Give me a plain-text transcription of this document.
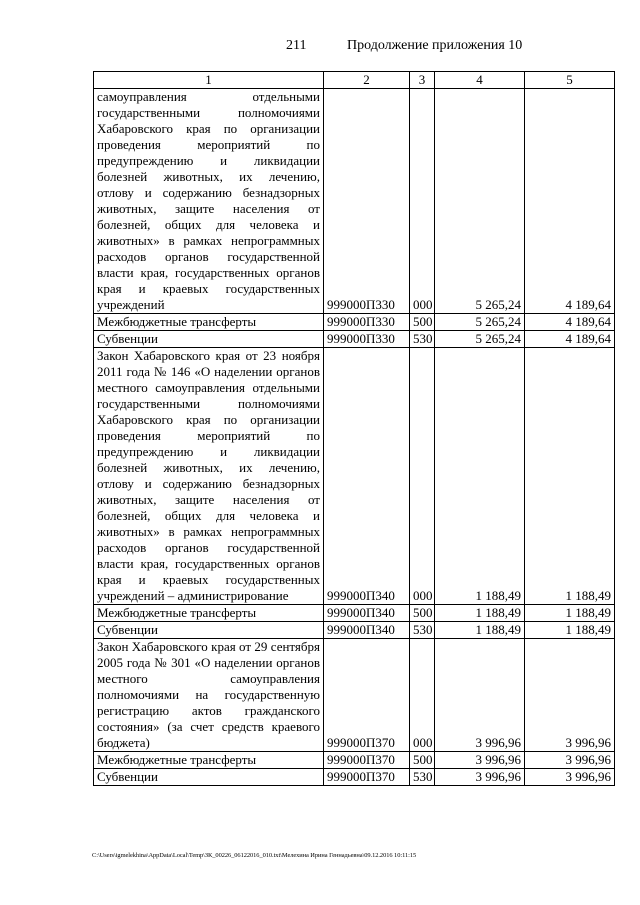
211	Продолжение приложения 10
1	2	3	4	5
самоуправления отдельными государственными полномочиями Хабаровского края по организации проведения мероприятий по предупреждению и ликвидации болезней животных, их лечению, отлову и содержанию безнадзорных животных, защите населения от болезней, общих для человека и животных» в рамках непрограммных расходов органов государственной власти края, государственных органов края и краевых государственных учреждений	999000П330	000	5 265,24	4 189,64
Межбюджетные трансферты	999000П330	500	5 265,24	4 189,64
Субвенции	999000П330	530	5 265,24	4 189,64
Закон Хабаровского края от 23 ноября 2011 года № 146 «О наделении органов местного самоуправления отдельными государственными полномочиями Хабаровского края по организации проведения мероприятий по предупреждению и ликвидации болезней животных, их лечению, отлову и содержанию безнадзорных животных, защите населения от болезней, общих для человека и животных» в рамках непрограммных расходов органов государственной власти края, государственных органов края и краевых государственных учреждений – администрирование	999000П340	000	1 188,49	1 188,49
Межбюджетные трансферты	999000П340	500	1 188,49	1 188,49
Субвенции	999000П340	530	1 188,49	1 188,49
Закон Хабаровского края от 29 сентября 2005 года № 301 «О наделении органов местного самоуправления полномочиями на государственную регистрацию актов гражданского состояния» (за счет средств краевого бюджета)	999000П370	000	3 996,96	3 996,96
Межбюджетные трансферты	999000П370	500	3 996,96	3 996,96
Субвенции	999000П370	530	3 996,96	3 996,96
C:\Users\igmelekhina\AppData\Local\Temp\ЗК_00226_06122016_010.txt\Мелехина Ирина Геннадьевна\09.12.2016 10:11:15
